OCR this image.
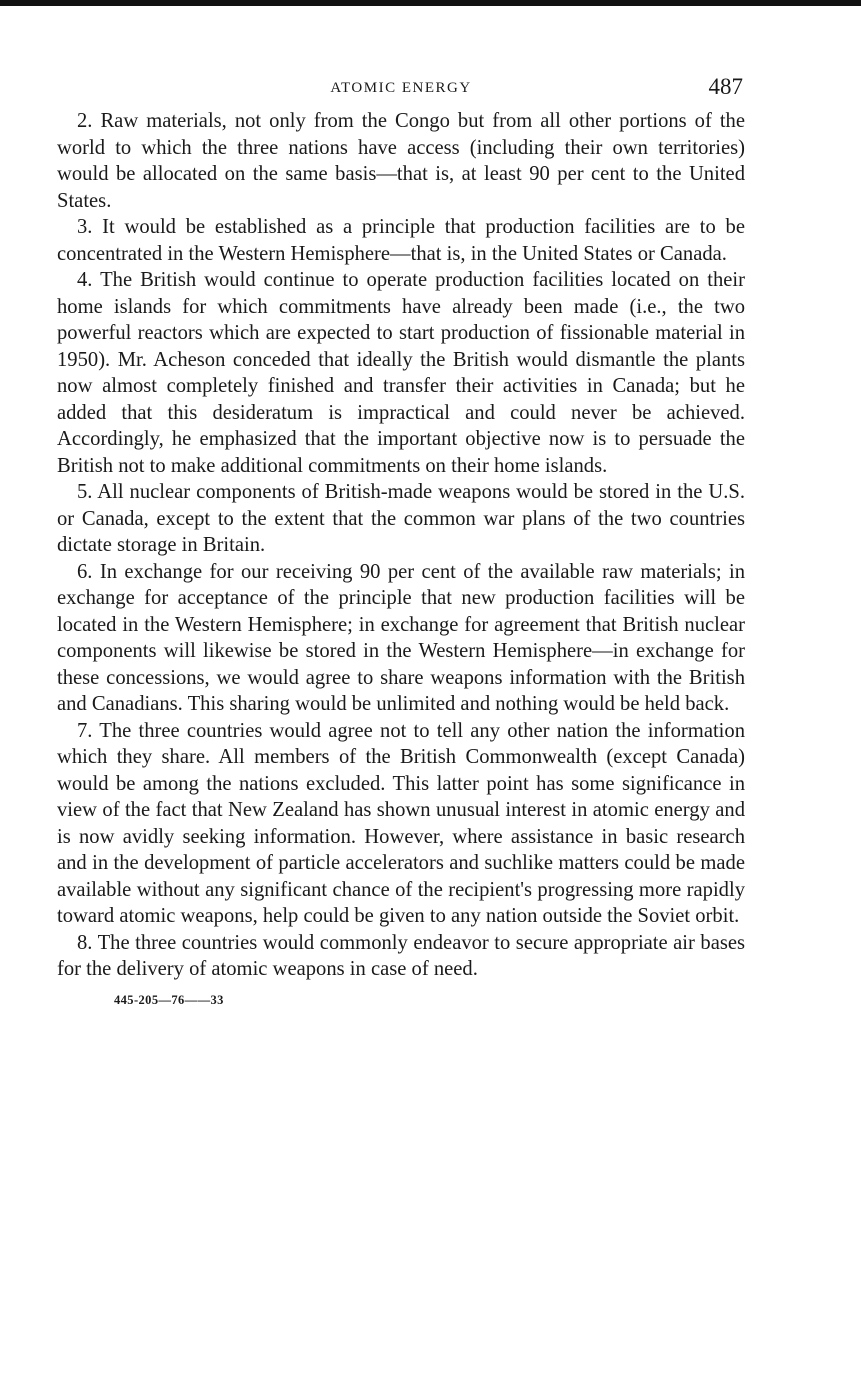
ATOMIC ENERGY	487

2. Raw materials, not only from the Congo but from all other portions of the world to which the three nations have access (including their own territories) would be allocated on the same basis—that is, at least 90 per cent to the United States.

3. It would be established as a principle that production facilities are to be concentrated in the Western Hemisphere—that is, in the United States or Canada.

4. The British would continue to operate production facilities located on their home islands for which commitments have already been made (i.e., the two powerful reactors which are expected to start production of fissionable material in 1950). Mr. Acheson conceded that ideally the British would dismantle the plants now almost completely finished and transfer their activities in Canada; but he added that this desideratum is impractical and could never be achieved. Accordingly, he emphasized that the important objective now is to persuade the British not to make additional commitments on their home islands.

5. All nuclear components of British-made weapons would be stored in the U.S. or Canada, except to the extent that the common war plans of the two countries dictate storage in Britain.

6. In exchange for our receiving 90 per cent of the available raw materials; in exchange for acceptance of the principle that new production facilities will be located in the Western Hemisphere; in exchange for agreement that British nuclear components will likewise be stored in the Western Hemisphere—in exchange for these concessions, we would agree to share weapons information with the British and Canadians. This sharing would be unlimited and nothing would be held back.

7. The three countries would agree not to tell any other nation the information which they share. All members of the British Commonwealth (except Canada) would be among the nations excluded. This latter point has some significance in view of the fact that New Zealand has shown unusual interest in atomic energy and is now avidly seeking information. However, where assistance in basic research and in the development of particle accelerators and suchlike matters could be made available without any significant chance of the recipient's progressing more rapidly toward atomic weapons, help could be given to any nation outside the Soviet orbit.

8. The three countries would commonly endeavor to secure appropriate air bases for the delivery of atomic weapons in case of need.

445-205—76——33
